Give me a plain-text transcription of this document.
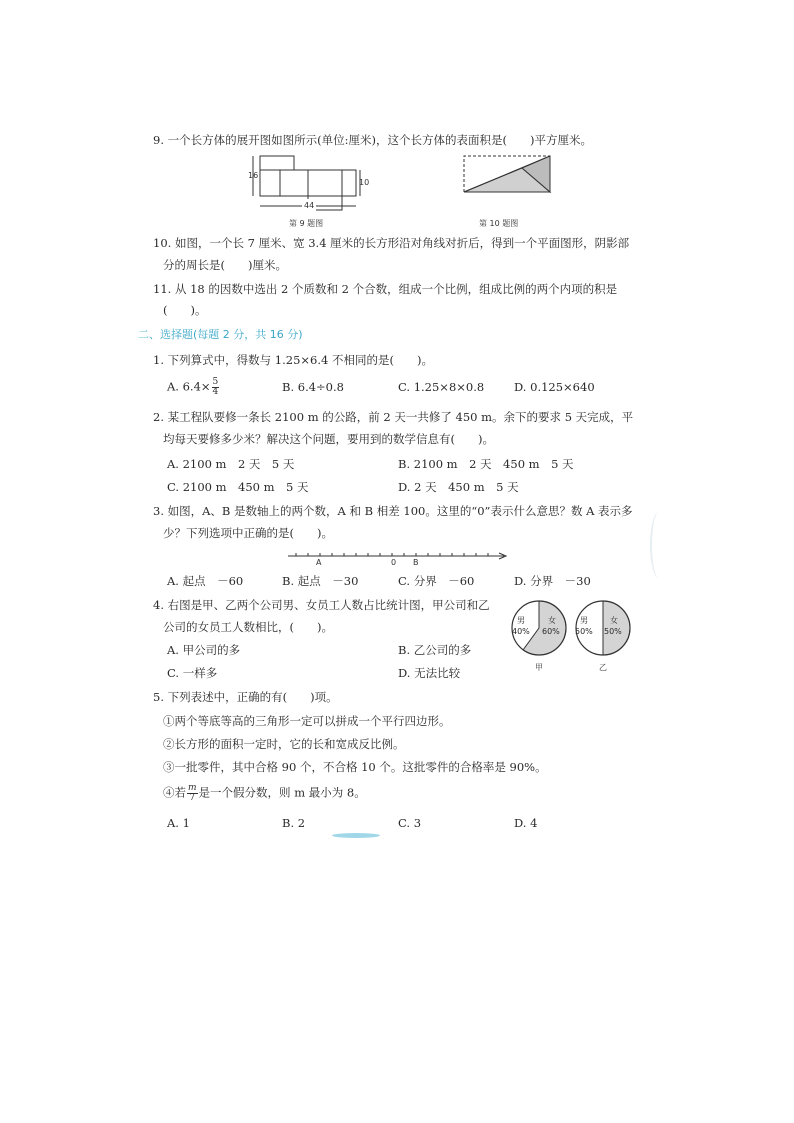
9. 一个长方体的展开图如图所示(单位:厘米)，这个长方体的表面积是(　　)平方厘米。
16
10
44
第 9 题图	第 10 题图
10. 如图，一个长 7 厘米、宽 3.4 厘米的长方形沿对角线对折后，得到一个平面图形，阴影部
分的周长是(　　)厘米。
11. 从 18 的因数中选出 2 个质数和 2 个合数，组成一个比例，组成比例的两个内项的积是
(　　)。
二、选择题(每题 2 分，共 16 分)
1. 下列算式中，得数与 1.25×6.4 不相同的是(　　)。
A. $6.4\times \frac{5}{4}$	B. 6.4÷0.8	C. 1.25×8×0.8	D. 0.125×640
2. 某工程队要修一条长 2100 m 的公路，前 2 天一共修了 450 m。余下的要求 5 天完成，平
均每天要修多少米？解决这个问题，要用到的数学信息有(　　)。
A. 2100 m　2 天　5 天	B. 2100 m　2 天　450 m　5 天
C. 2100 m　450 m　5 天	D. 2 天　450 m　5 天
3. 如图，A、B 是数轴上的两个数，A 和 B 相差 100。这里的“0”表示什么意思？数 A 表示多
少？下列选项中正确的是(　　)。
A	0 B
A. 起点　－60	B. 起点　－30	C. 分界　－60	D. 分界　－30
4. 右图是甲、乙两个公司男、女员工人数占比统计图，甲公司和乙
公司的女员工人数相比，(　　)。
A. 甲公司的多	B. 乙公司的多
C. 一样多	D. 无法比较
男
40%
女
60%
甲
男
50%
女
50%
乙
5. 下列表述中，正确的有(　　)项。
①两个等底等高的三角形一定可以拼成一个平行四边形。
②长方形的面积一定时，它的长和宽成反比例。
③一批零件，其中合格 90 个，不合格 10 个。这批零件的合格率是 90%。
④若 $\frac{m}{7}$ 是一个假分数，则 m 最小为 8。
A. 1	B. 2	C. 3	D. 4
